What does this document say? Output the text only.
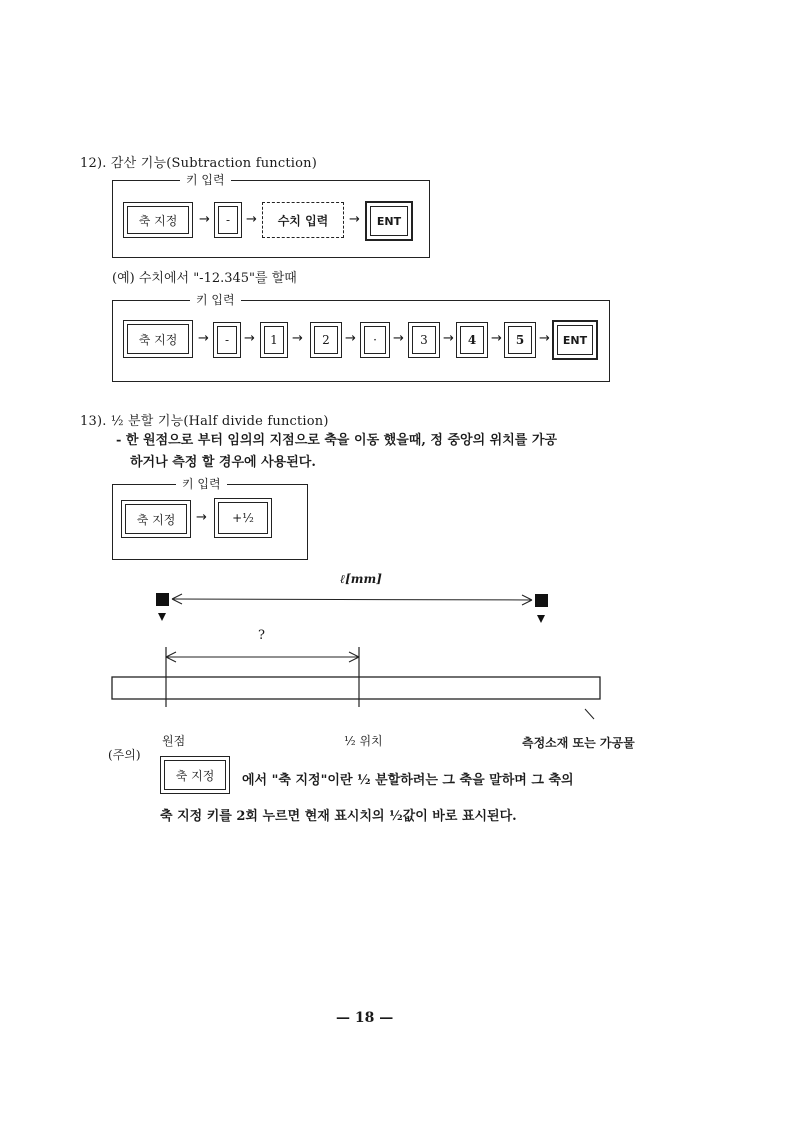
12). 감산 기능(Subtraction function)
키 입력
축 지정 → - → 수치 입력 → ENT
(예) 수치에서 "-12.345"를 할때
키 입력
축 지정 → - → 1 → 2 → · → 3 → 4 → 5 → ENT
13). ½ 분할 기능(Half divide function)
- 한 원점으로 부터 임의의 지점으로 축을 이동 했을때, 정 중앙의 위치를 가공
하거나 측정 할 경우에 사용된다.
키 입력
축 지정 → +½
ℓ[mm]
?
원점	½ 위치	측정소재 또는 가공물
(주의)
축 지정 에서 "축 지정"이란 ½ 분할하려는 그 축을 말하며 그 축의
축 지정 키를 2회 누르면 현재 표시치의 ½값이 바로 표시된다.
— 18 —
